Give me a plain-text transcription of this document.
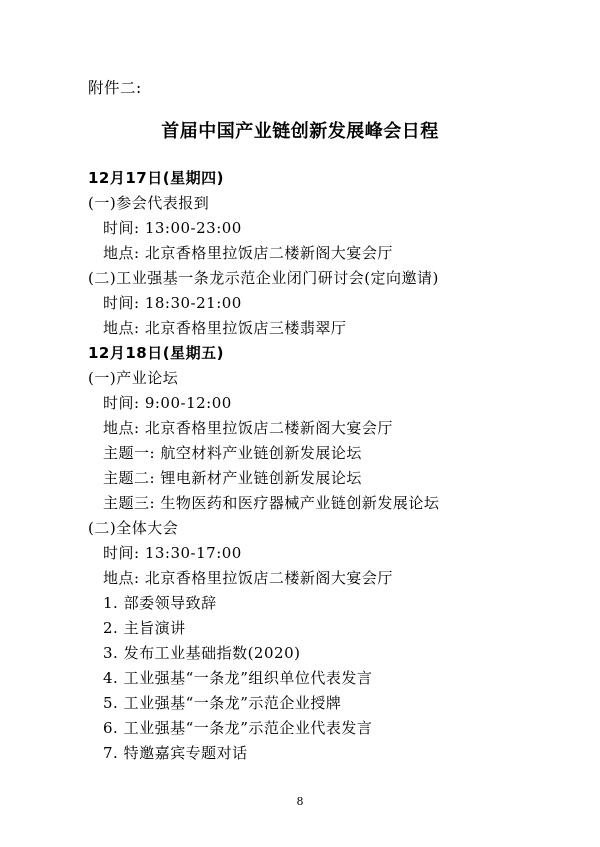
附件二:
首届中国产业链创新发展峰会日程
12月17日(星期四)
(一)参会代表报到
时间: 13:00-23:00
地点: 北京香格里拉饭店二楼新阁大宴会厅
(二)工业强基一条龙示范企业闭门研讨会(定向邀请)
时间: 18:30-21:00
地点: 北京香格里拉饭店三楼翡翠厅
12月18日(星期五)
(一)产业论坛
时间: 9:00-12:00
地点: 北京香格里拉饭店二楼新阁大宴会厅
主题一: 航空材料产业链创新发展论坛
主题二: 锂电新材产业链创新发展论坛
主题三: 生物医药和医疗器械产业链创新发展论坛
(二)全体大会
时间: 13:30-17:00
地点: 北京香格里拉饭店二楼新阁大宴会厅
1. 部委领导致辞
2. 主旨演讲
3. 发布工业基础指数(2020)
4. 工业强基“一条龙”组织单位代表发言
5. 工业强基“一条龙”示范企业授牌
6. 工业强基“一条龙”示范企业代表发言
7. 特邀嘉宾专题对话
8
